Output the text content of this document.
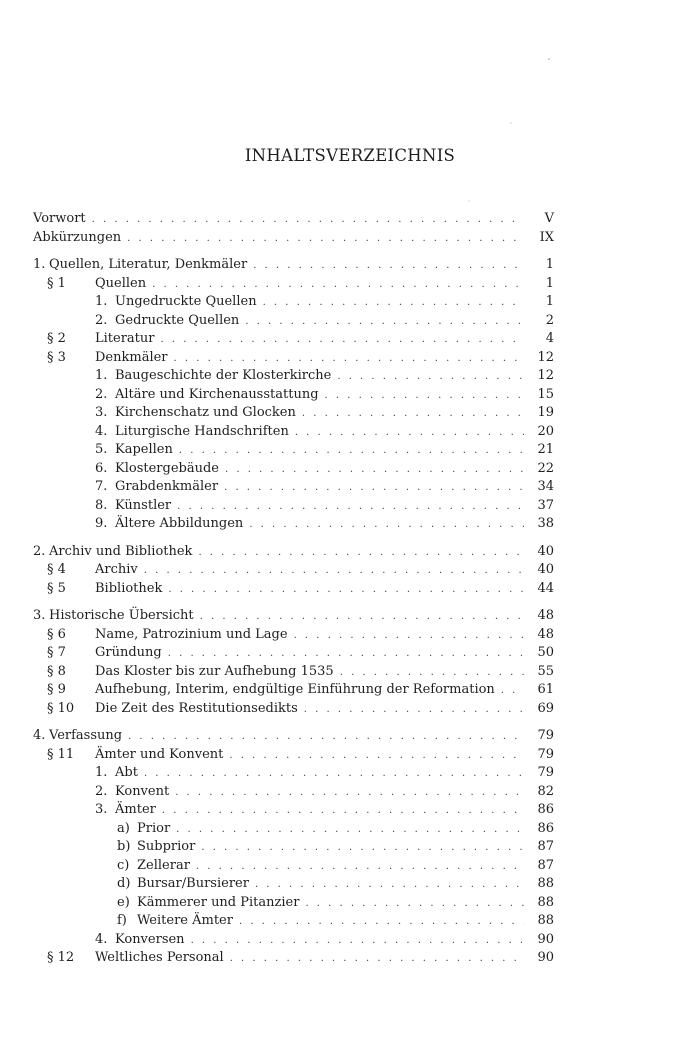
INHALTSVERZEICHNIS
Vorwort . . .	V
Abkürzungen . . .	IX
1. Quellen, Literatur, Denkmäler . . .	1
§ 1	Quellen . . .	1
1. Ungedruckte Quellen . . .	1
2. Gedruckte Quellen . . .	2
§ 2	Literatur . . .	4
§ 3	Denkmäler . . .	12
1. Baugeschichte der Klosterkirche . . .	12
2. Altäre und Kirchenausstattung . . .	15
3. Kirchenschatz und Glocken . . .	19
4. Liturgische Handschriften . . .	20
5. Kapellen . . .	21
6. Klostergebäude . . .	22
7. Grabdenkmäler . . .	34
8. Künstler . . .	37
9. Ältere Abbildungen . . .	38
2. Archiv und Bibliothek . . .	40
§ 4	Archiv . . .	40
§ 5	Bibliothek . . .	44
3. Historische Übersicht . . .	48
§ 6	Name, Patrozinium und Lage . . .	48
§ 7	Gründung . . .	50
§ 8	Das Kloster bis zur Aufhebung 1535 . . .	55
§ 9	Aufhebung, Interim, endgültige Einführung der Reformation . . .	61
§ 10	Die Zeit des Restitutionsedikts . . .	69
4. Verfassung . . .	79
§ 11	Ämter und Konvent . . .	79
1. Abt . . .	79
2. Konvent . . .	82
3. Ämter . . .	86
a) Prior . . .	86
b) Subprior . . .	87
c) Zellerar . . .	87
d) Bursar/Bursierer . . .	88
e) Kämmerer und Pitanzier . . .	88
f) Weitere Ämter . . .	88
4. Konversen . . .	90
§ 12	Weltliches Personal . . .	90
